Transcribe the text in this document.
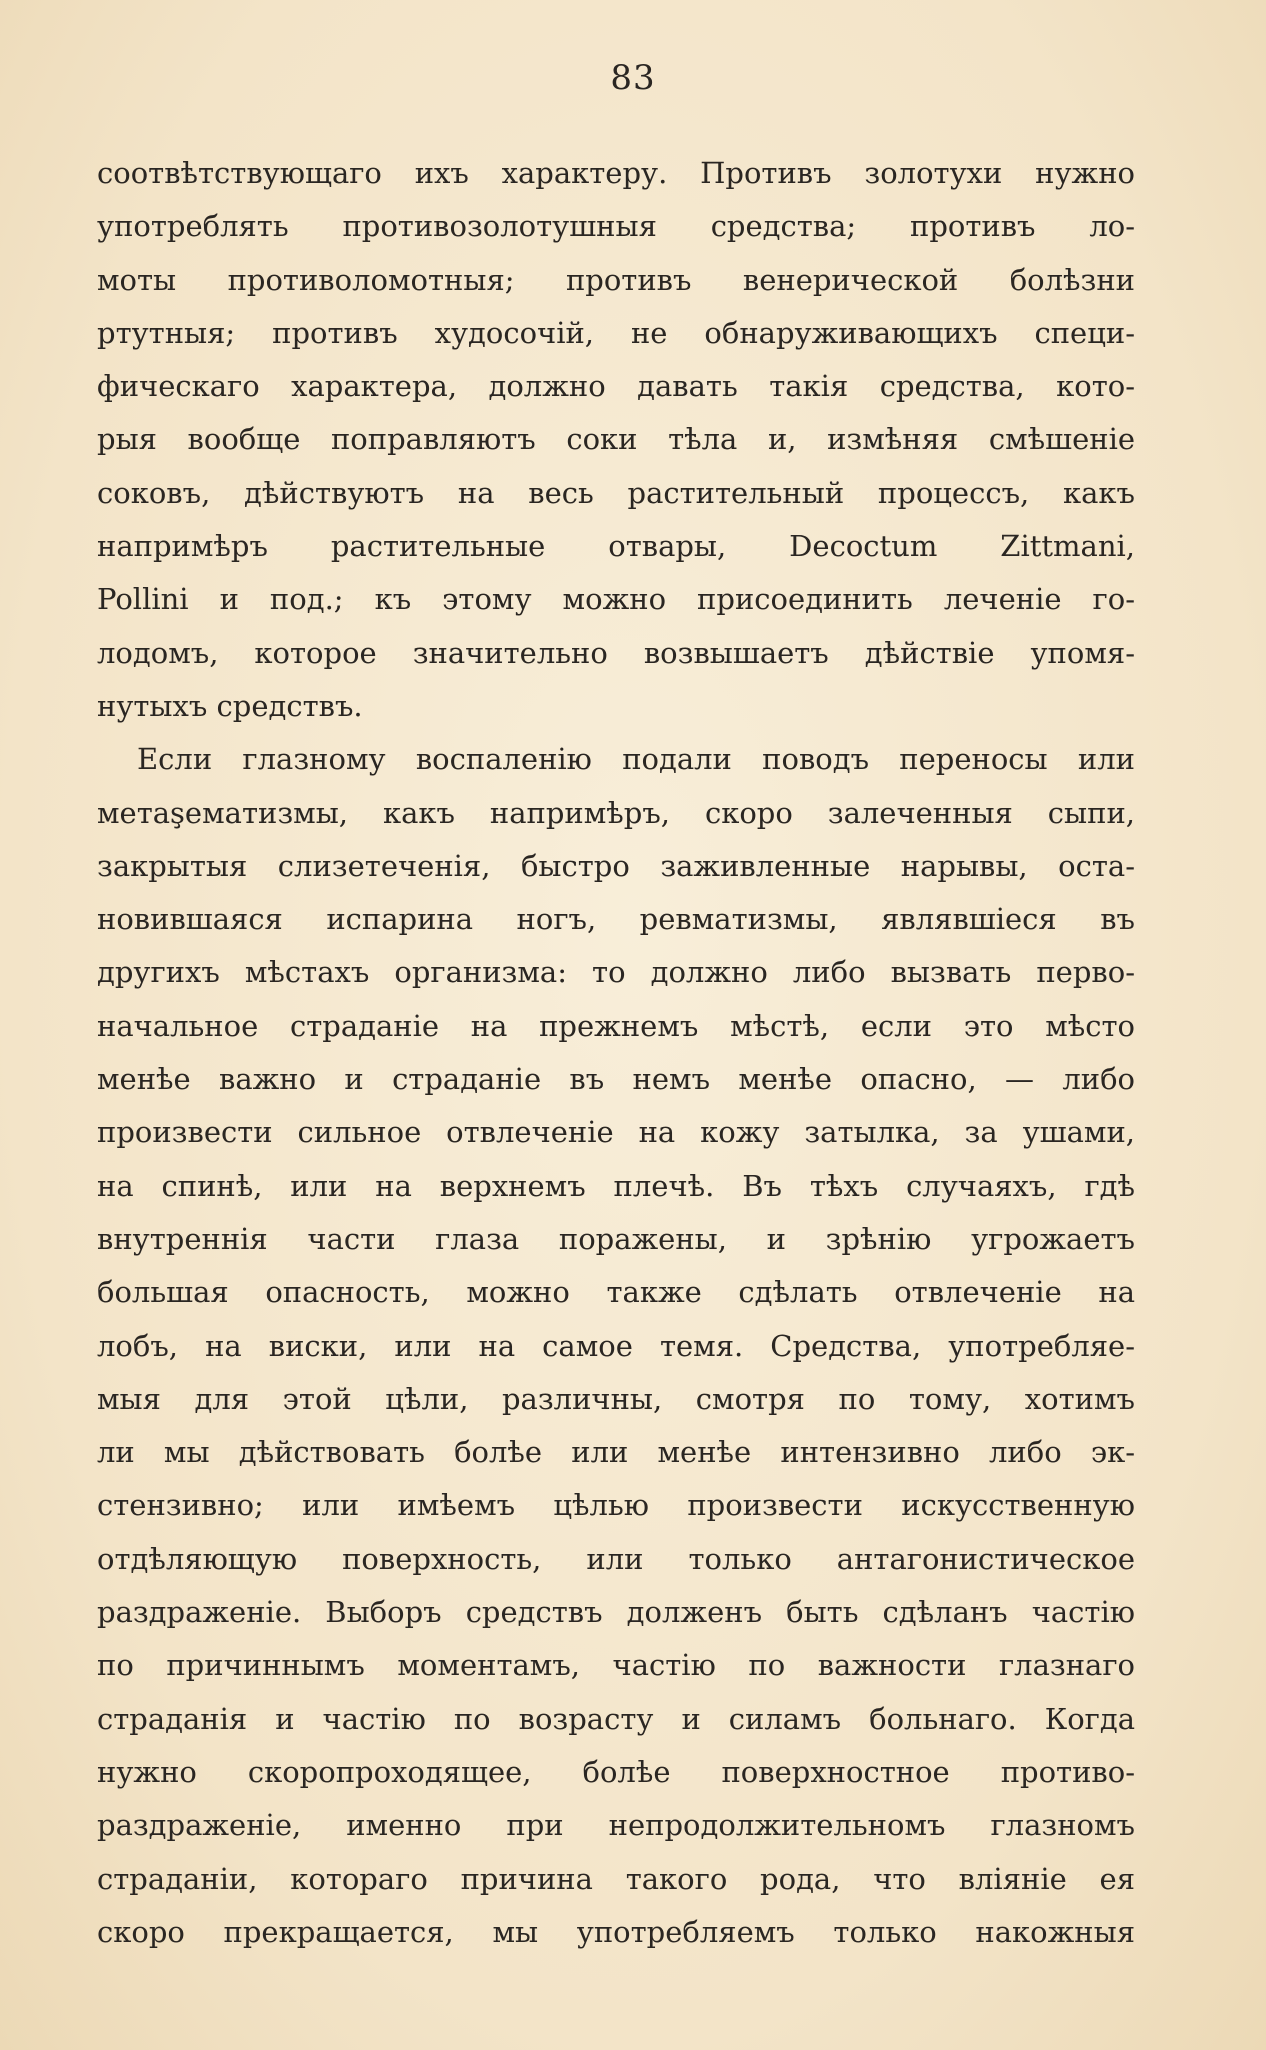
83
соотвѣтствующаго ихъ характеру. Противъ золотухи нужно
употреблять противозолотушныя средства; противъ ло-
моты противоломотныя; противъ венерической болѣзни
ртутныя; противъ худосочій, не обнаруживающихъ специ-
фическаго характера, должно давать такія средства, кото-
рыя вообще поправляютъ соки тѣла и, измѣняя смѣшеніе
соковъ, дѣйствуютъ на весь растительный процессъ, какъ
напримѣръ растительные отвары, Decoctum Zittmani,
Pollini и под.; къ этому можно присоединить леченіе го-
лодомъ, которое значительно возвышаетъ дѣйствіе упомя-
нутыхъ средствъ.
Если глазному воспаленію подали поводъ переносы или
метаşематизмы, какъ напримѣръ, скоро залеченныя сыпи,
закрытыя слизетеченія, быстро заживленные нарывы, оста-
новившаяся испарина ногъ, ревматизмы, являвшіеся въ
другихъ мѣстахъ организма: то должно либо вызвать перво-
начальное страданіе на прежнемъ мѣстѣ, если это мѣсто
менѣе важно и страданіе въ немъ менѣе опасно, — либо
произвести сильное отвлеченіе на кожу затылка, за ушами,
на спинѣ, или на верхнемъ плечѣ. Въ тѣхъ случаяхъ, гдѣ
внутреннія части глаза поражены, и зрѣнію угрожаетъ
большая опасность, можно также сдѣлать отвлеченіе на
лобъ, на виски, или на самое темя. Средства, употребляе-
мыя для этой цѣли, различны, смотря по тому, хотимъ
ли мы дѣйствовать болѣе или менѣе интензивно либо эк-
стензивно; или имѣемъ цѣлью произвести искусственную
отдѣляющую поверхность, или только антагонистическое
раздраженіе. Выборъ средствъ долженъ быть сдѣланъ частію
по причиннымъ моментамъ, частію по важности глазнаго
страданія и частію по возрасту и силамъ больнаго. Когда
нужно скоропроходящее, болѣе поверхностное противо-
раздраженіе, именно при непродолжительномъ глазномъ
страданіи, котораго причина такого рода, что вліяніе ея
скоро прекращается, мы употребляемъ только накожныя
